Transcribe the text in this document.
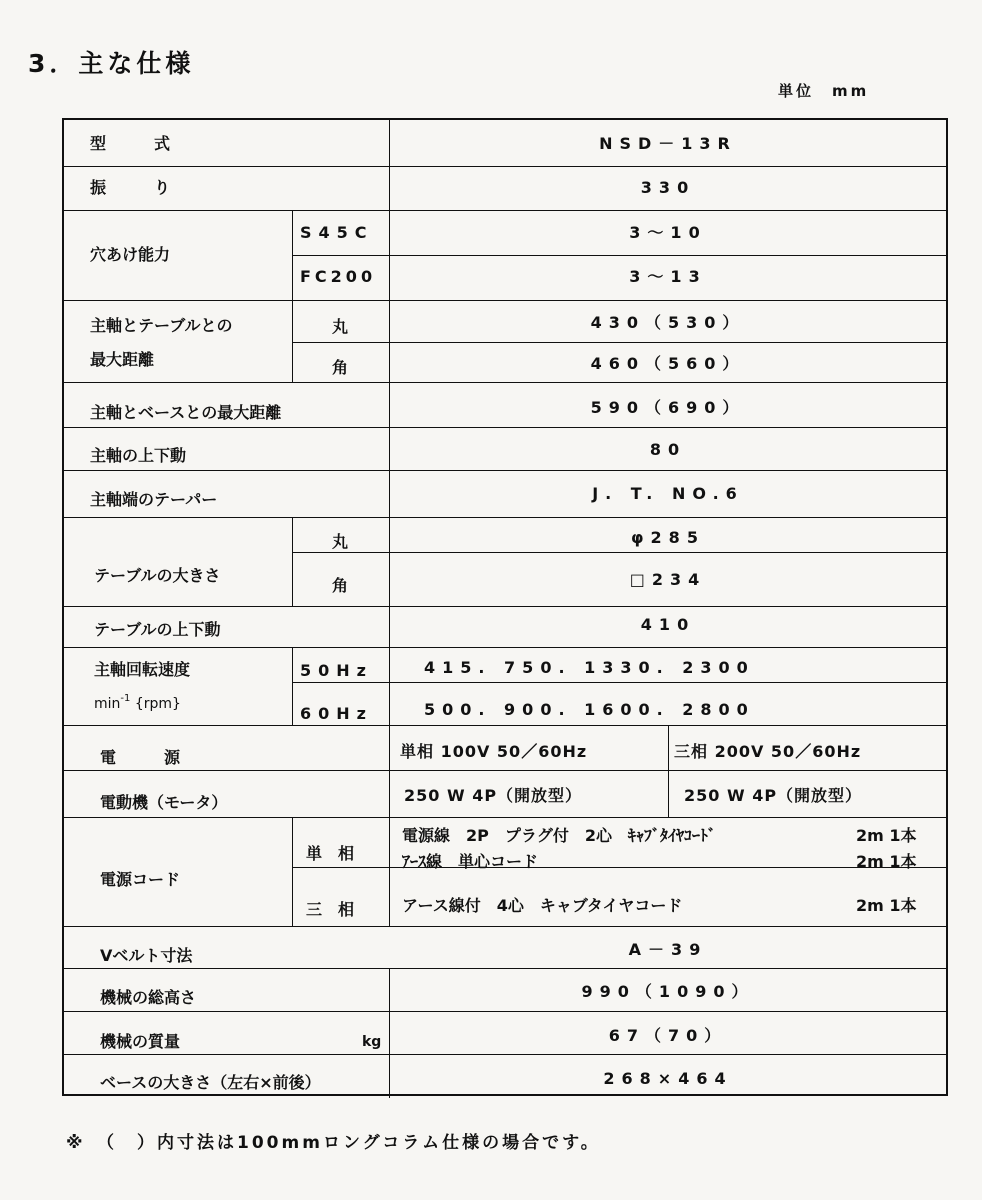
3．主な仕様
単位　mm
型　　　式	NSD－13R
振　　　り	330
穴あけ能力
S45C	3～10
FC200	3～13
主軸とテーブルとの
最大距離
丸	430（530）
角	460（560）
主軸とベースとの最大距離	590（690）
主軸の上下動	80
主軸端のテーパー	J. T. NO.6
テーブルの大きさ
丸	φ285
角	□234
テーブルの上下動	410
主軸回転速度
$\min^{-1} \{rpm\}$
50Hz	415. 750. 1330. 2300
60Hz	500. 900. 1600. 2800
電　　　源	単相 100V 50／60Hz	三相 200V 50／60Hz
電動機（モータ）	250 W 4P（開放型）	250 W 4P（開放型）
電源コード
単　相
電源線　2P　プラグ付　2心　ｷｬﾌﾞﾀｲﾔｺｰﾄﾞ	2m 1本
ｱｰｽ線　単心コード	2m 1本
三　相	アース線付　4心　キャブタイヤコード	2m 1本
Vベルト寸法	A－39
機械の総高さ	990（1090）
機械の質量	kg	67（70）
ベースの大きさ（左右×前後）	268×464
※　（　）内寸法は100mmロングコラム仕様の場合です。
